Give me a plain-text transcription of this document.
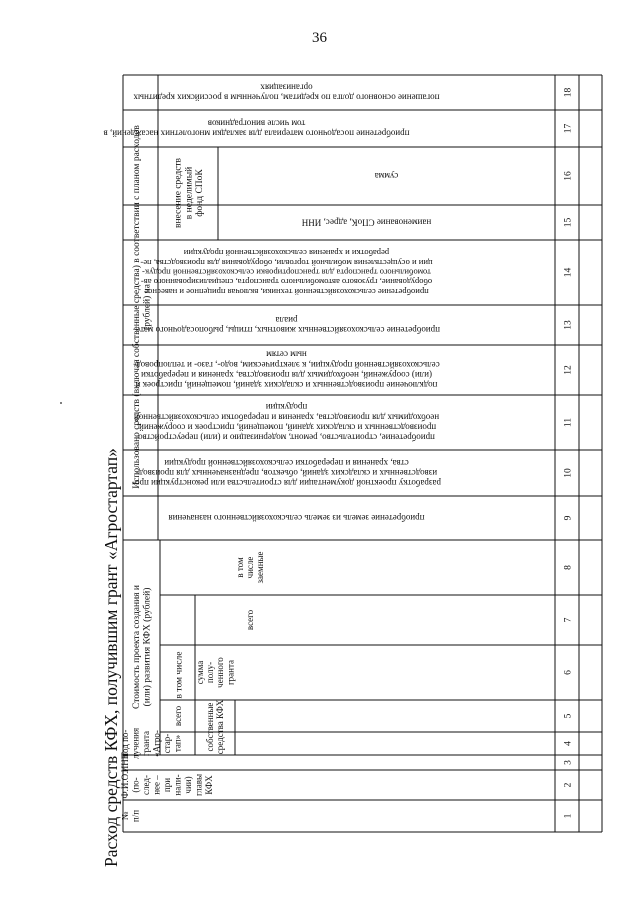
36
Расход средств КФХ, получившим грант «Агростартап»	1
2
3
4
5
6
7
8
9
10
11
12
13
14
15
16
17
18
№п/п
Ф.И.О.(по-след-нее –принали-чии)главыКФХ
ИНН
Год по-лучениягранта«Агро-стар-тап»
всего
суммаполу-ченногогранта
всего
в томчислезаемные
приобретение земель из земель сельскохозяйственного назначения
разработку проектной документации для строительства или реконструкции про-изводственных и складских зданий, объектов, предназначенных для производ-ства, хранения и переработки сельскохозяйственной продукции
приобретение, строительство, ремонт, модернизацию и (или) переустройствопроизводственных и складских зданий, помещений, пристроек и сооружений,необходимых для производства, хранения и переработки сельскохозяйственнойпродукции
подключение производственных и складских зданий, помещений, пристроек и(или) сооружений, необходимых для производства, хранения и переработкисельскохозяйственной продукции, к электрическим, водо-, газо- и теплопровод-ным сетям
приобретение сельскохозяйственных животных, птицы, рыбопосадочного мате-риала
приобретение сельскохозяйственной техники, включая прицепное и навесноеоборудование, грузового автомобильного транспорта, специализированного ав-томобильного транспорта для транспортировки сельскохозяйственной продук-ции и осуществления мобильной торговли, оборудования для производства, пе-реработки и хранения сельскохозяйственной продукции
наименование СПоК, адрес, ИНН
сумма
приобретение посадочного материала для закладки многолетних насаждений, втом числе виноградников
погашение основного долга по кредитам, полученным в российских кредитныхорганизациях
Стоимость проекта создания и(или) развития КФХ (рублей) в том числе
собственныесредства КФХ
Использовано средств (включая собственные средства) в соответствии с планом расходов(рублей) на
внесение средствв неделимыйфонд СПоК
